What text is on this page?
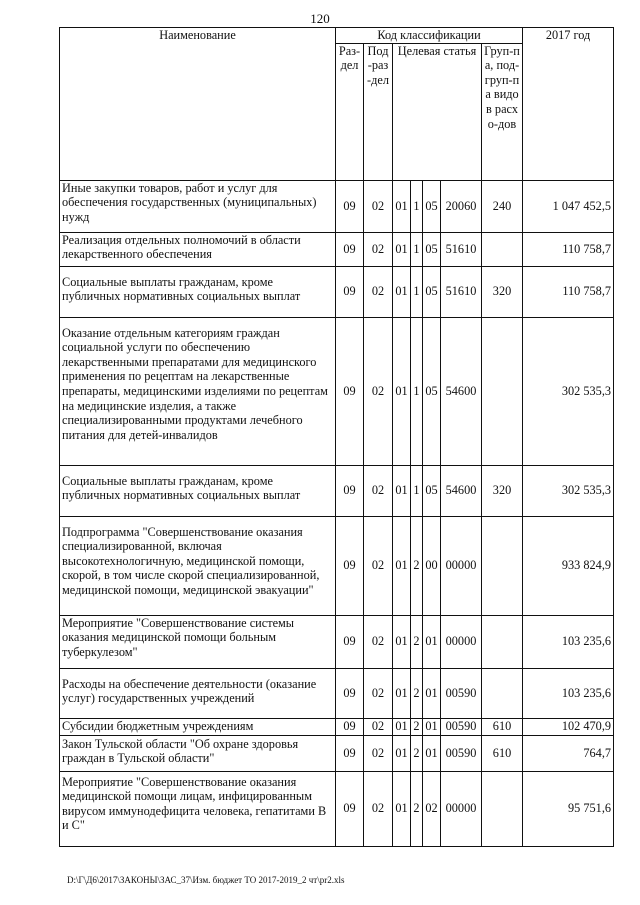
120
Наименование	Код классификации							2017 год
	Раз-дел	Под-раз-дел	Целевая статья				Груп-па, под-груп-па видов расхо-дов	
Иные закупки товаров, работ и услуг для обеспечения государственных (муниципальных) нужд	09	02	01	1	05	20060	240	1 047 452,5
Реализация отдельных полномочий в области лекарственного обеспечения	09	02	01	1	05	51610		110 758,7
Социальные выплаты гражданам, кроме публичных нормативных социальных выплат	09	02	01	1	05	51610	320	110 758,7
Оказание отдельным категориям граждан социальной услуги по обеспечению лекарственными препаратами для медицинского применения по рецептам на лекарственные препараты, медицинскими изделиями по рецептам на медицинские изделия, а также специализированными продуктами лечебного питания для детей-инвалидов	09	02	01	1	05	54600		302 535,3
Социальные выплаты гражданам, кроме публичных нормативных социальных выплат	09	02	01	1	05	54600	320	302 535,3
Подпрограмма "Совершенствование оказания специализированной, включая высокотехнологичную, медицинской помощи, скорой, в том числе скорой специализированной, медицинской помощи, медицинской эвакуации"	09	02	01	2	00	00000		933 824,9
Мероприятие "Совершенствование системы оказания медицинской помощи больным туберкулезом"	09	02	01	2	01	00000		103 235,6
Расходы на обеспечение деятельности (оказание услуг) государственных учреждений	09	02	01	2	01	00590		103 235,6
Субсидии бюджетным учреждениям	09	02	01	2	01	00590	610	102 470,9
Закон Тульской области "Об охране здоровья граждан в Тульской области"	09	02	01	2	01	00590	610	764,7
Мероприятие "Совершенствование оказания медицинской помощи лицам, инфицированным вирусом иммунодефицита человека, гепатитами В и С"	09	02	01	2	02	00000		95 751,6
D:\Г\Д6\2017\ЗАКОНЫ\ЗАС_37\Изм. бюджет ТО 2017-2019_2 чт\pr2.xls
